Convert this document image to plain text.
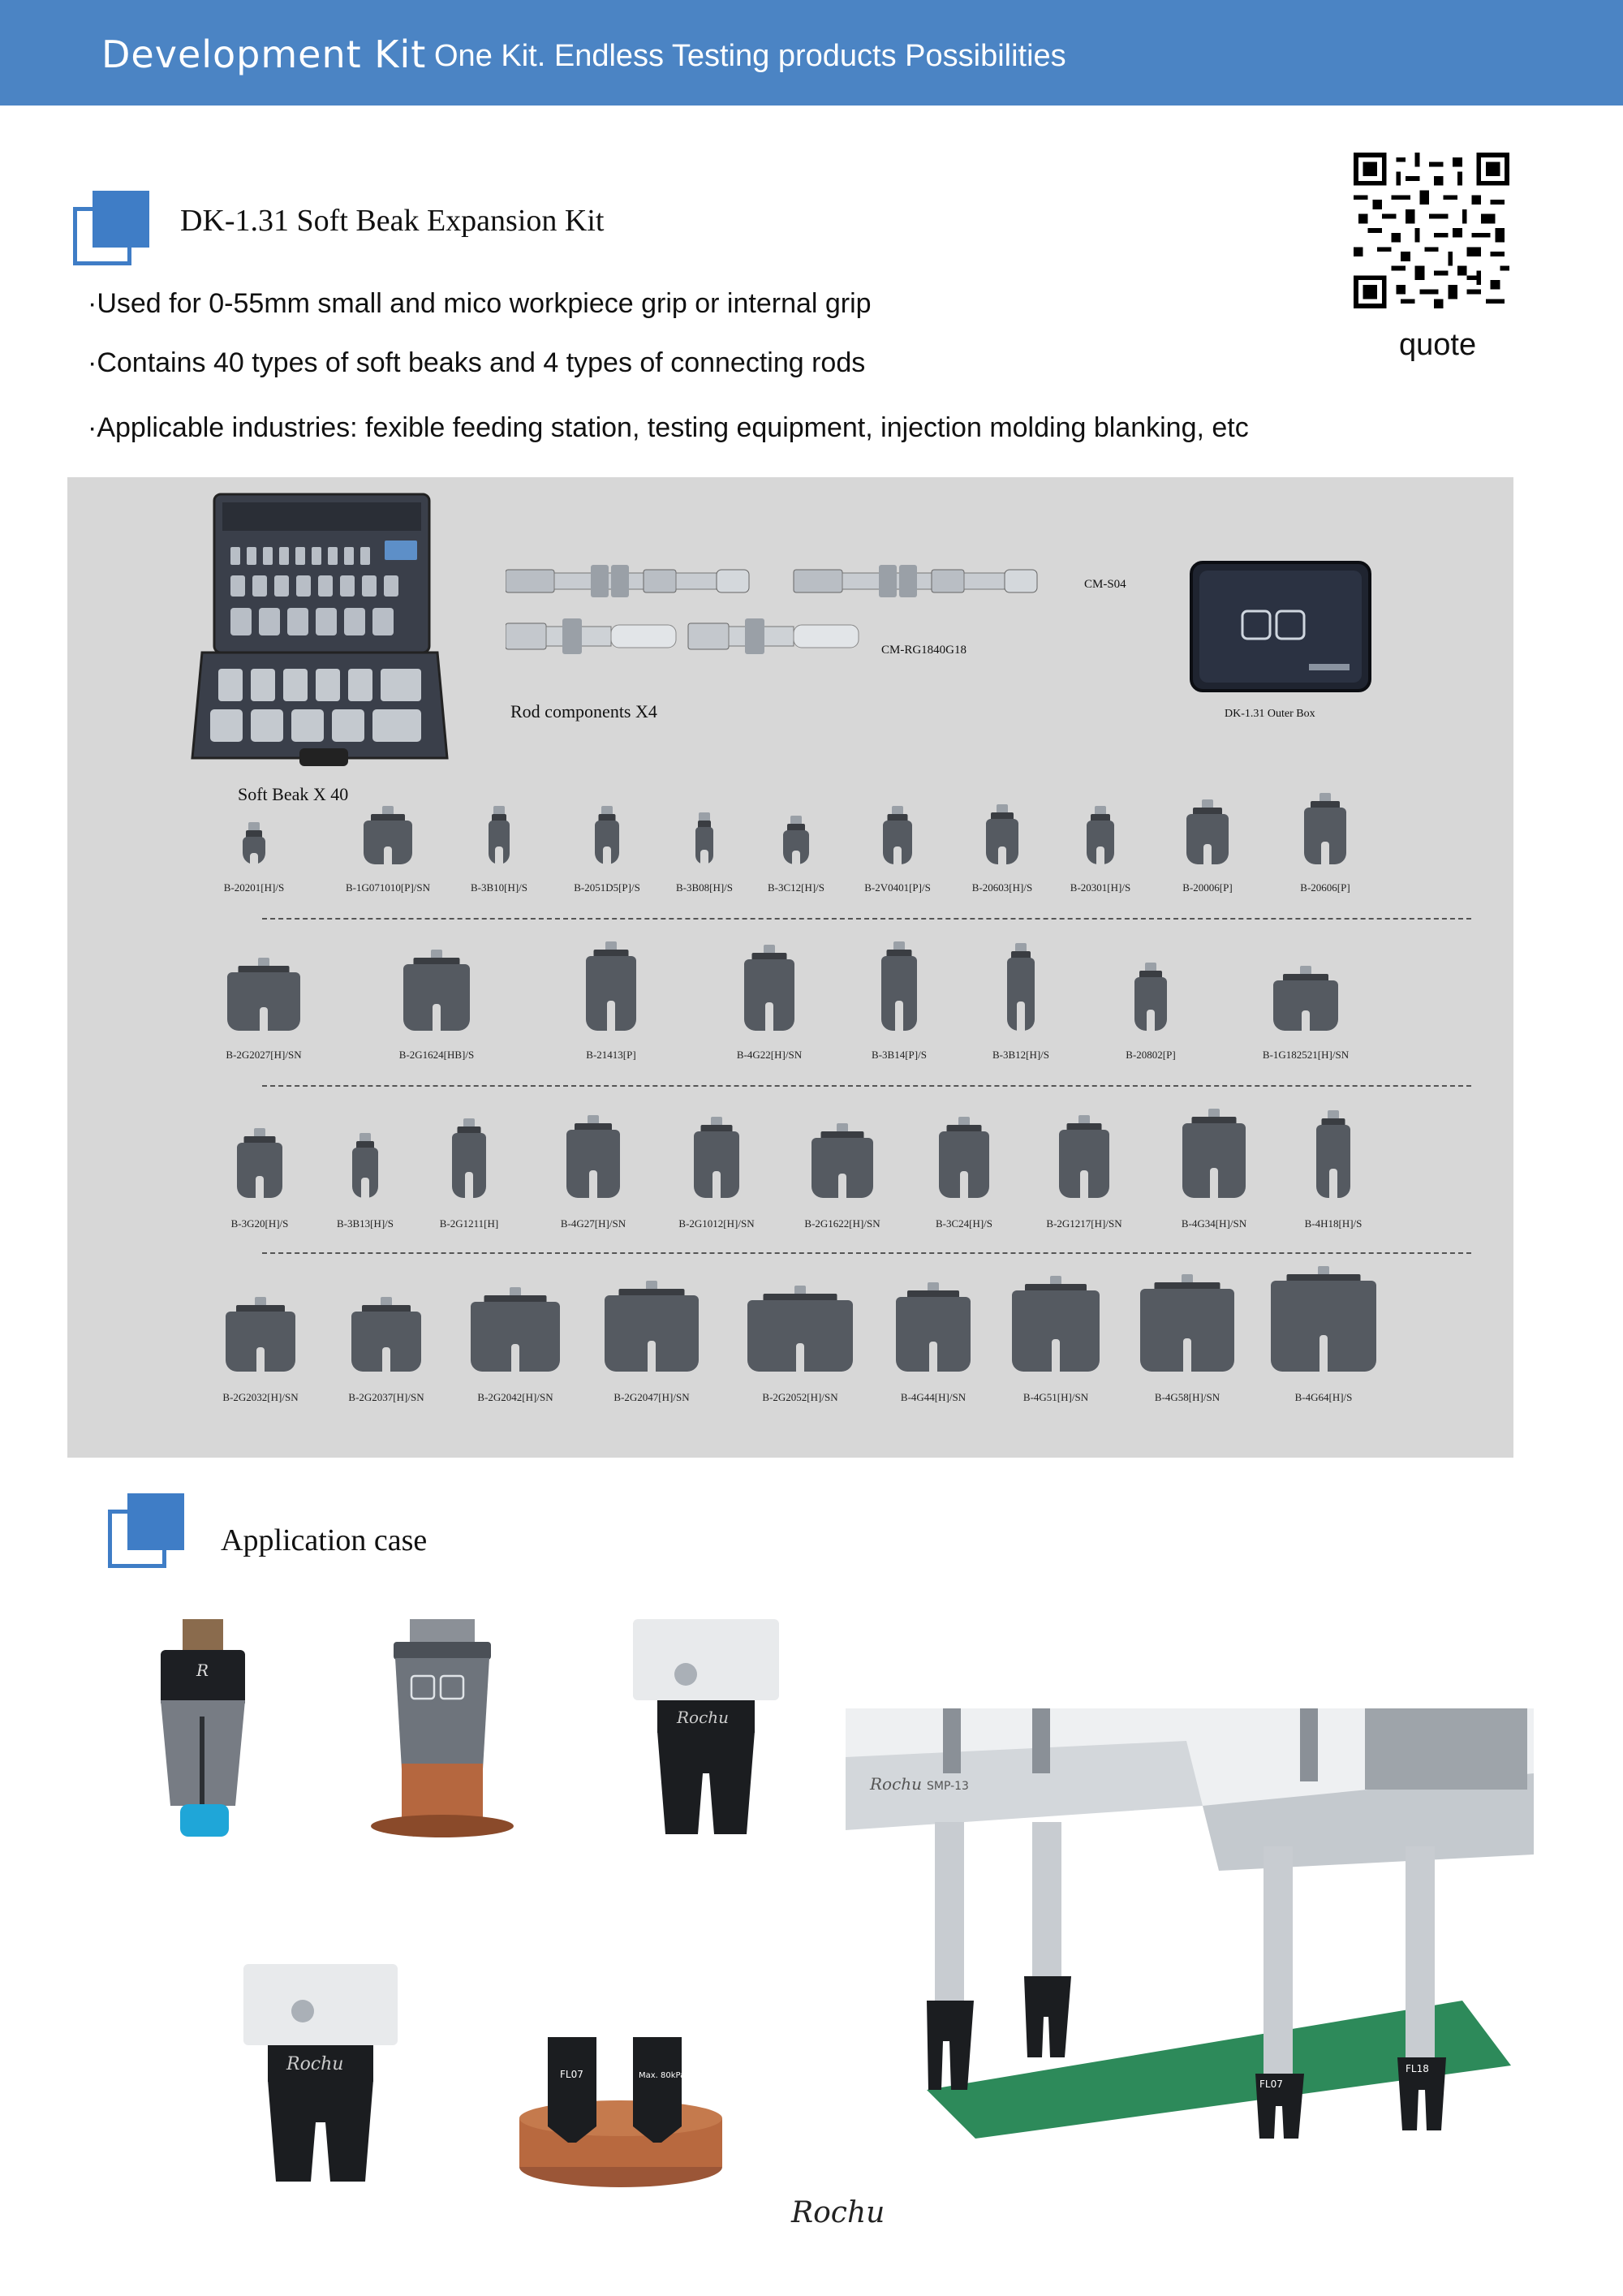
Development Kit One Kit. Endless Testing products Possibilities
DK-1.31 Soft Beak Expansion Kit
·Used for 0-55mm small and mico workpiece grip or internal grip
·Contains 40 types of soft beaks and 4 types of connecting rods
·Applicable industries: fexible feeding station, testing equipment, injection molding blanking, etc
quote
CM-S04
CM-RG1840G18
Rod components X4	DK-1.31 Outer Box
Soft Beak X 40
B-20201[H]/S	B-1G071010[P]/SN	B-3B10[H]/S	B-2051D5[P]/S	B-3B08[H]/S	B-3C12[H]/S	B-2V0401[P]/S	B-20603[H]/S	B-20301[H]/S	B-20006[P]	B-20606[P]
B-2G2027[H]/SN	B-2G1624[HB]/S	B-21413[P]	B-4G22[H]/SN	B-3B14[P]/S	B-3B12[H]/S	B-20802[P]	B-1G182521[H]/SN
B-3G20[H]/S	B-3B13[H]/S	B-2G1211[H]	B-4G27[H]/SN	B-2G1012[H]/SN	B-2G1622[H]/SN	B-3C24[H]/S	B-2G1217[H]/SN	B-4G34[H]/SN	B-4H18[H]/S
B-2G2032[H]/SN	B-2G2037[H]/SN	B-2G2042[H]/SN	B-2G2047[H]/SN	B-2G2052[H]/SN	B-4G44[H]/SN	B-4G51[H]/SN	B-4G58[H]/SN	B-4G64[H]/S
Application case
R
Rochu
Rochu	FL07	Max. 80kPa
Rochu SMP-13
FL07
FL18
Rochu
